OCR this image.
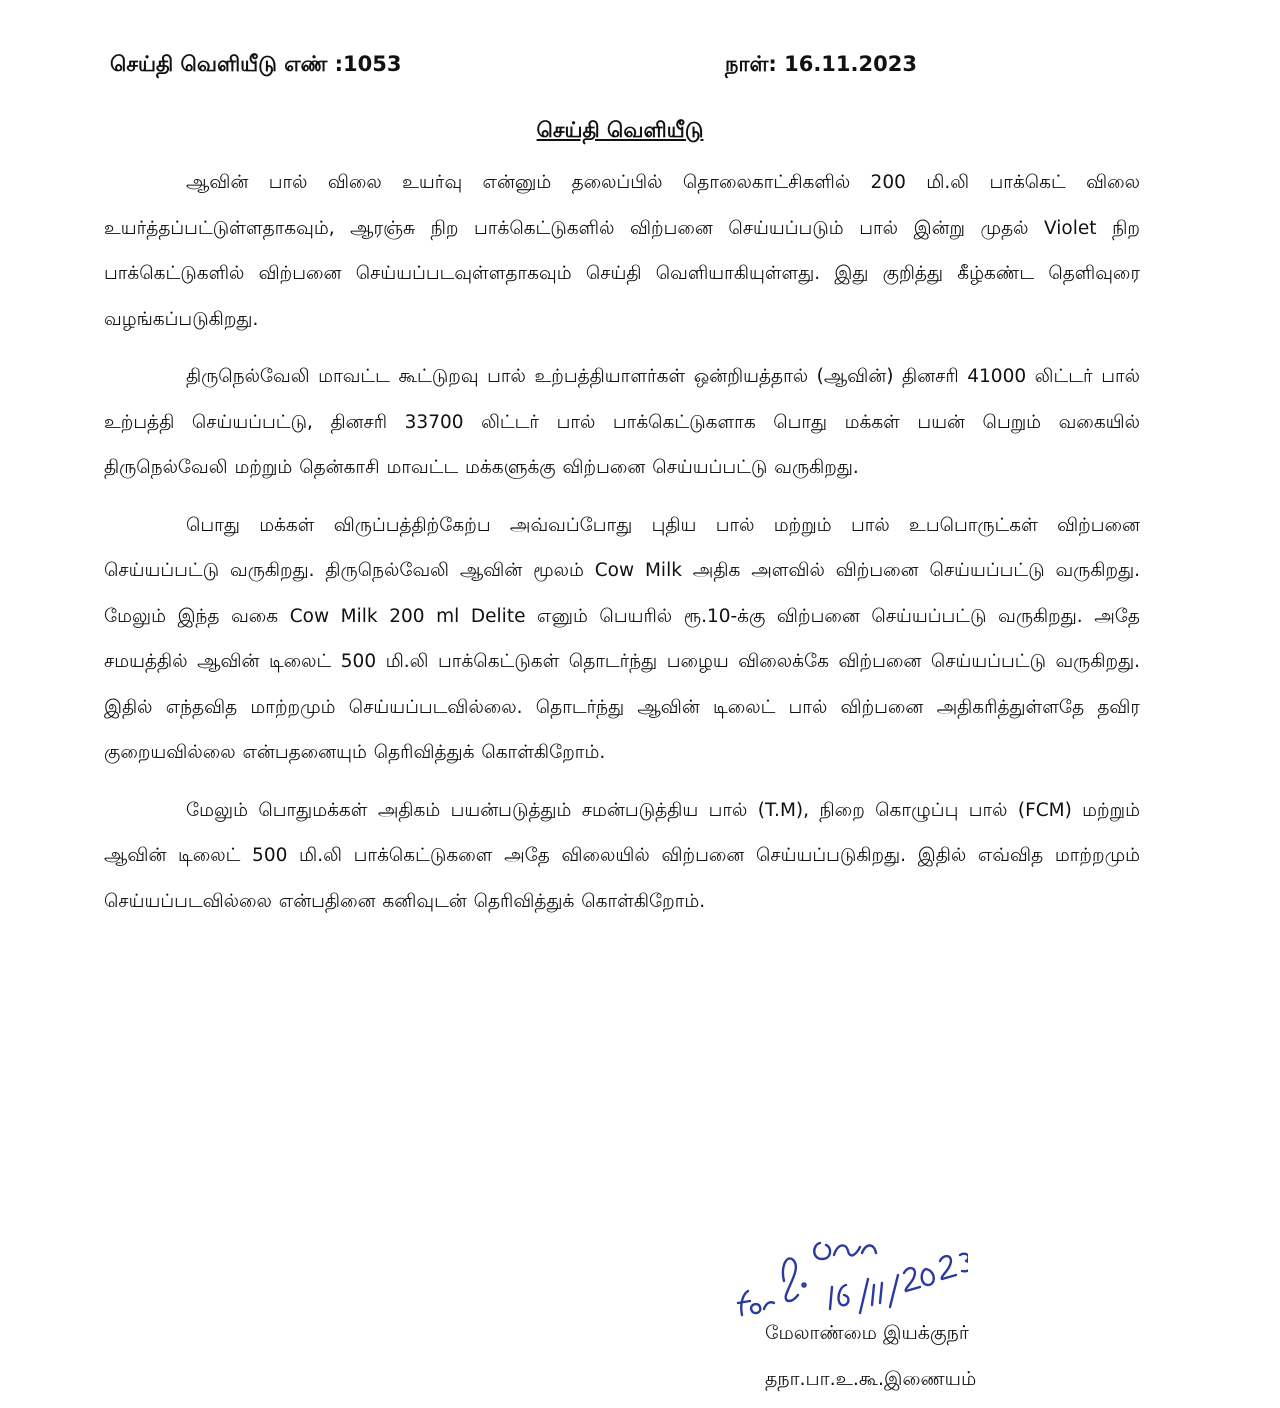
செய்தி வெளியீடு எண் :1053	நாள்: 16.11.2023
செய்தி வெளியீடு

ஆவின் பால் விலை உயர்வு என்னும் தலைப்பில் தொலைகாட்சிகளில் 200 மி.லி பாக்கெட் விலை உயர்த்தப்பட்டுள்ளதாகவும், ஆரஞ்சு நிற பாக்கெட்டுகளில் விற்பனை செய்யப்படும் பால் இன்று முதல் Violet நிற பாக்கெட்டுகளில் விற்பனை செய்யப்படவுள்ளதாகவும் செய்தி வெளியாகியுள்ளது. இது குறித்து கீழ்கண்ட தெளிவுரை வழங்கப்படுகிறது.

திருநெல்வேலி மாவட்ட கூட்டுறவு பால் உற்பத்தியாளர்கள் ஒன்றியத்தால் (ஆவின்) தினசரி 41000 லிட்டர் பால் உற்பத்தி செய்யப்பட்டு, தினசரி 33700 லிட்டர் பால் பாக்கெட்டுகளாக பொது மக்கள் பயன் பெறும் வகையில் திருநெல்வேலி மற்றும் தென்காசி மாவட்ட மக்களுக்கு விற்பனை செய்யப்பட்டு வருகிறது.

பொது மக்கள் விருப்பத்திற்கேற்ப அவ்வப்போது புதிய பால் மற்றும் பால் உபபொருட்கள் விற்பனை செய்யப்பட்டு வருகிறது. திருநெல்வேலி ஆவின் மூலம் Cow Milk அதிக அளவில் விற்பனை செய்யப்பட்டு வருகிறது. மேலும் இந்த வகை Cow Milk 200 ml Delite எனும் பெயரில் ரூ.10-க்கு விற்பனை செய்யப்பட்டு வருகிறது. அதே சமயத்தில் ஆவின் டிலைட் 500 மி.லி பாக்கெட்டுகள் தொடர்ந்து பழைய விலைக்கே விற்பனை செய்யப்பட்டு வருகிறது. இதில் எந்தவித மாற்றமும் செய்யப்படவில்லை. தொடர்ந்து ஆவின் டிலைட் பால் விற்பனை அதிகரித்துள்ளதே தவிர குறையவில்லை என்பதனையும் தெரிவித்துக் கொள்கிறோம்.

மேலும் பொதுமக்கள் அதிகம் பயன்படுத்தும் சமன்படுத்திய பால் (T.M), நிறை கொழுப்பு பால் (FCM) மற்றும் ஆவின் டிலைட் 500 மி.லி பாக்கெட்டுகளை அதே விலையில் விற்பனை செய்யப்படுகிறது. இதில் எவ்வித மாற்றமும் செய்யப்படவில்லை என்பதினை கனிவுடன் தெரிவித்துக் கொள்கிறோம்.

மேலாண்மை இயக்குநர்
தநா.பா.உ.கூ.இணையம்
